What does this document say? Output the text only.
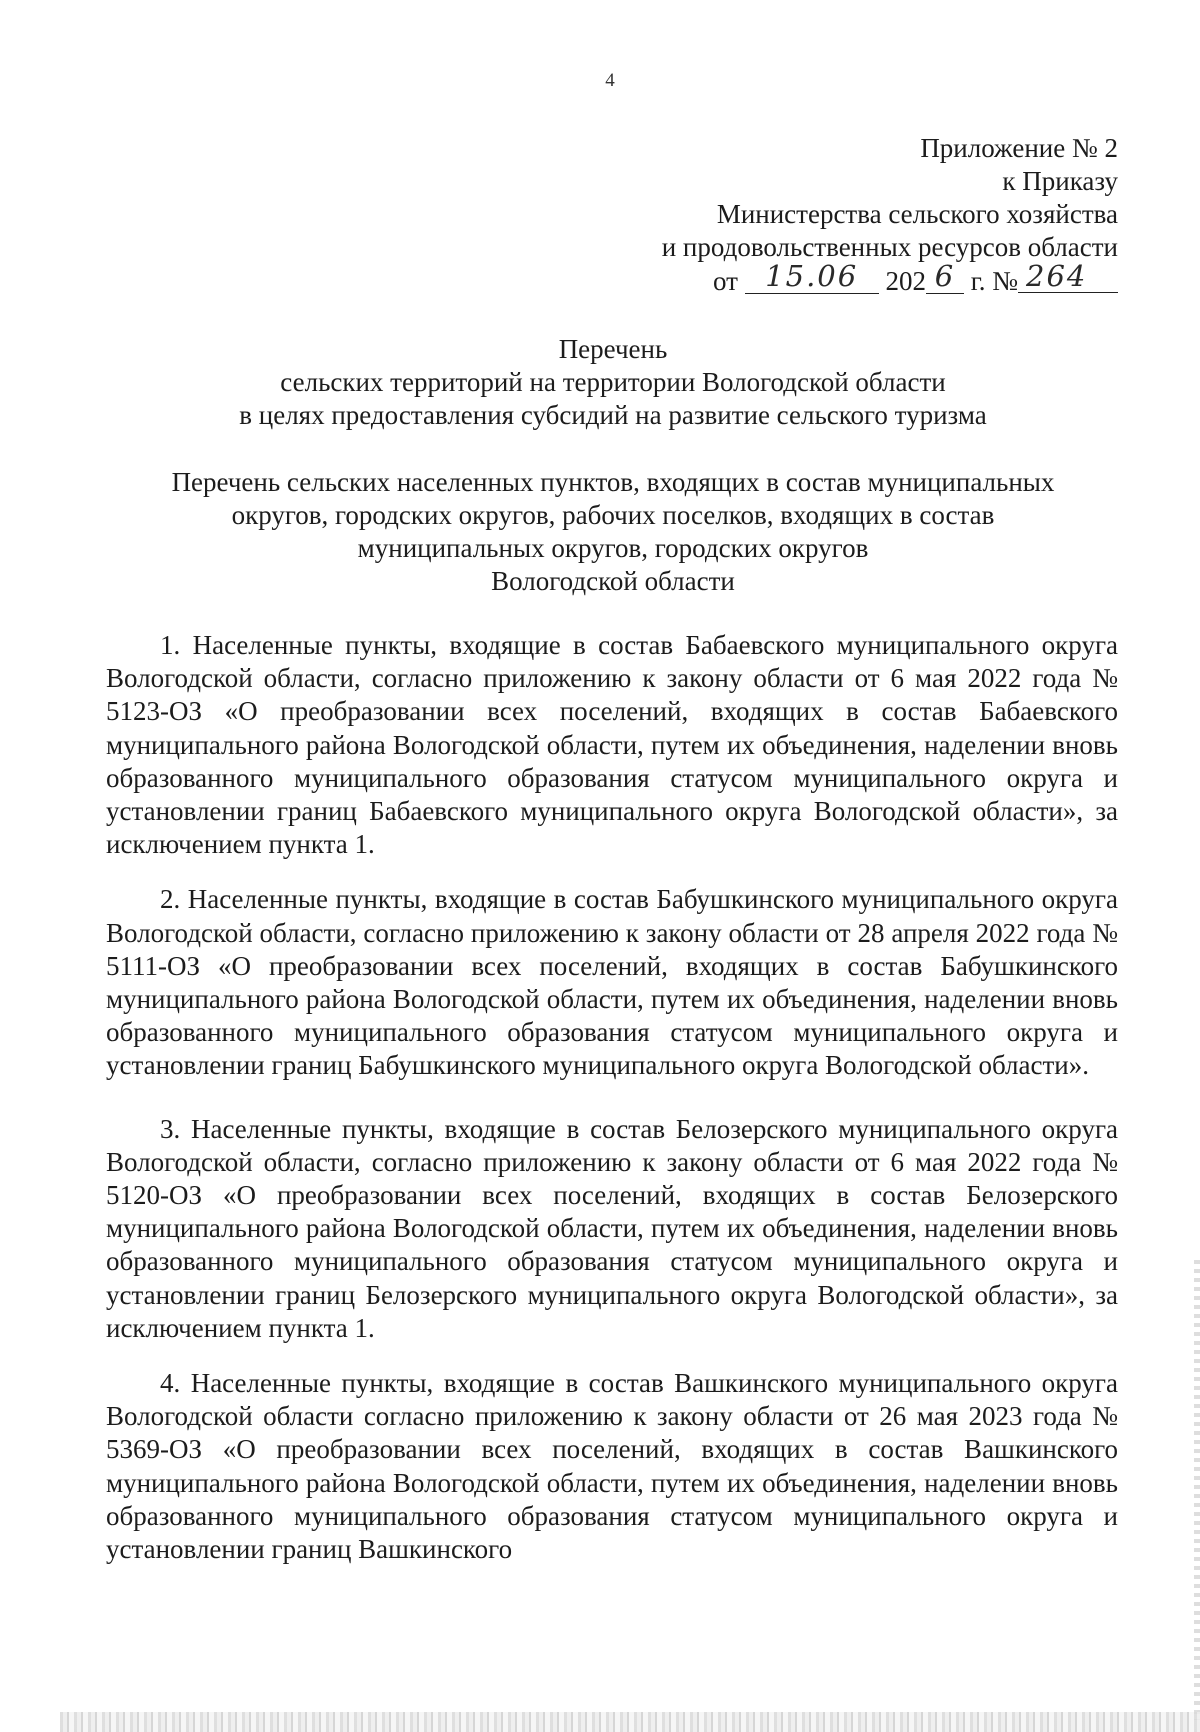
4
Приложение № 2
к Приказу
Министерства сельского хозяйства
и продовольственных ресурсов области
от 15.06 202 6 г. № 264
Перечень
сельских территорий на территории Вологодской области
в целях предоставления субсидий на развитие сельского туризма
Перечень сельских населенных пунктов, входящих в состав муниципальных
округов, городских округов, рабочих поселков, входящих в состав
муниципальных округов, городских округов
Вологодской области

1. Населенные пункты, входящие в состав Бабаевского муниципального округа Вологодской области, согласно приложению к закону области от 6 мая 2022 года № 5123-ОЗ «О преобразовании всех поселений, входящих в состав Бабаевского муниципального района Вологодской области, путем их объединения, наделении вновь образованного муниципального образования статусом муниципального округа и установлении границ Бабаевского муниципального округа Вологодской области», за исключением пункта 1.

2. Населенные пункты, входящие в состав Бабушкинского муниципального округа Вологодской области, согласно приложению к закону области от 28 апреля 2022 года № 5111-ОЗ «О преобразовании всех поселений, входящих в состав Бабушкинского муниципального района Вологодской области, путем их объединения, наделении вновь образованного муниципального образования статусом муниципального округа и установлении границ Бабушкинского муниципального округа Вологодской области».

3. Населенные пункты, входящие в состав Белозерского муниципального округа Вологодской области, согласно приложению к закону области от 6 мая 2022 года № 5120-ОЗ «О преобразовании всех поселений, входящих в состав Белозерского муниципального района Вологодской области, путем их объединения, наделении вновь образованного муниципального образования статусом муниципального округа и установлении границ Белозерского муниципального округа Вологодской области», за исключением пункта 1.

4. Населенные пункты, входящие в состав Вашкинского муниципального округа Вологодской области согласно приложению к закону области от 26 мая 2023 года № 5369-ОЗ «О преобразовании всех поселений, входящих в состав Вашкинского муниципального района Вологодской области, путем их объединения, наделении вновь образованного муниципального образования статусом муниципального округа и установлении границ Вашкинского
